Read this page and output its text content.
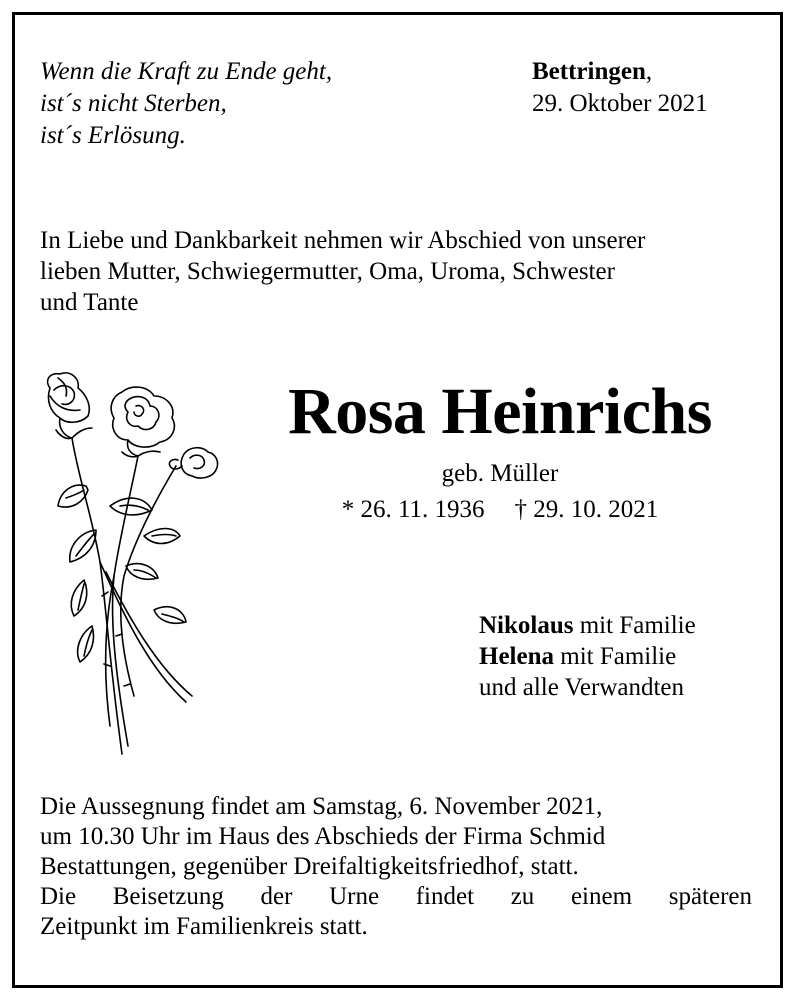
Wenn die Kraft zu Ende geht,
ist´s nicht Sterben,
ist´s Erlösung.
Bettringen,
29. Oktober 2021
In Liebe und Dankbarkeit nehmen wir Abschied von unserer
lieben Mutter, Schwiegermutter, Oma, Uroma, Schwester
und Tante
Rosa Heinrichs
geb. Müller
* 26. 11. 1936 † 29. 10. 2021
Nikolaus mit Familie
Helena mit Familie
und alle Verwandten
Die Aussegnung findet am Samstag, 6. November 2021,
um 10.30 Uhr im Haus des Abschieds der Firma Schmid
Bestattungen, gegenüber Dreifaltigkeitsfriedhof, statt.
Die Beisetzung der Urne findet zu einem späteren
Zeitpunkt im Familienkreis statt.
